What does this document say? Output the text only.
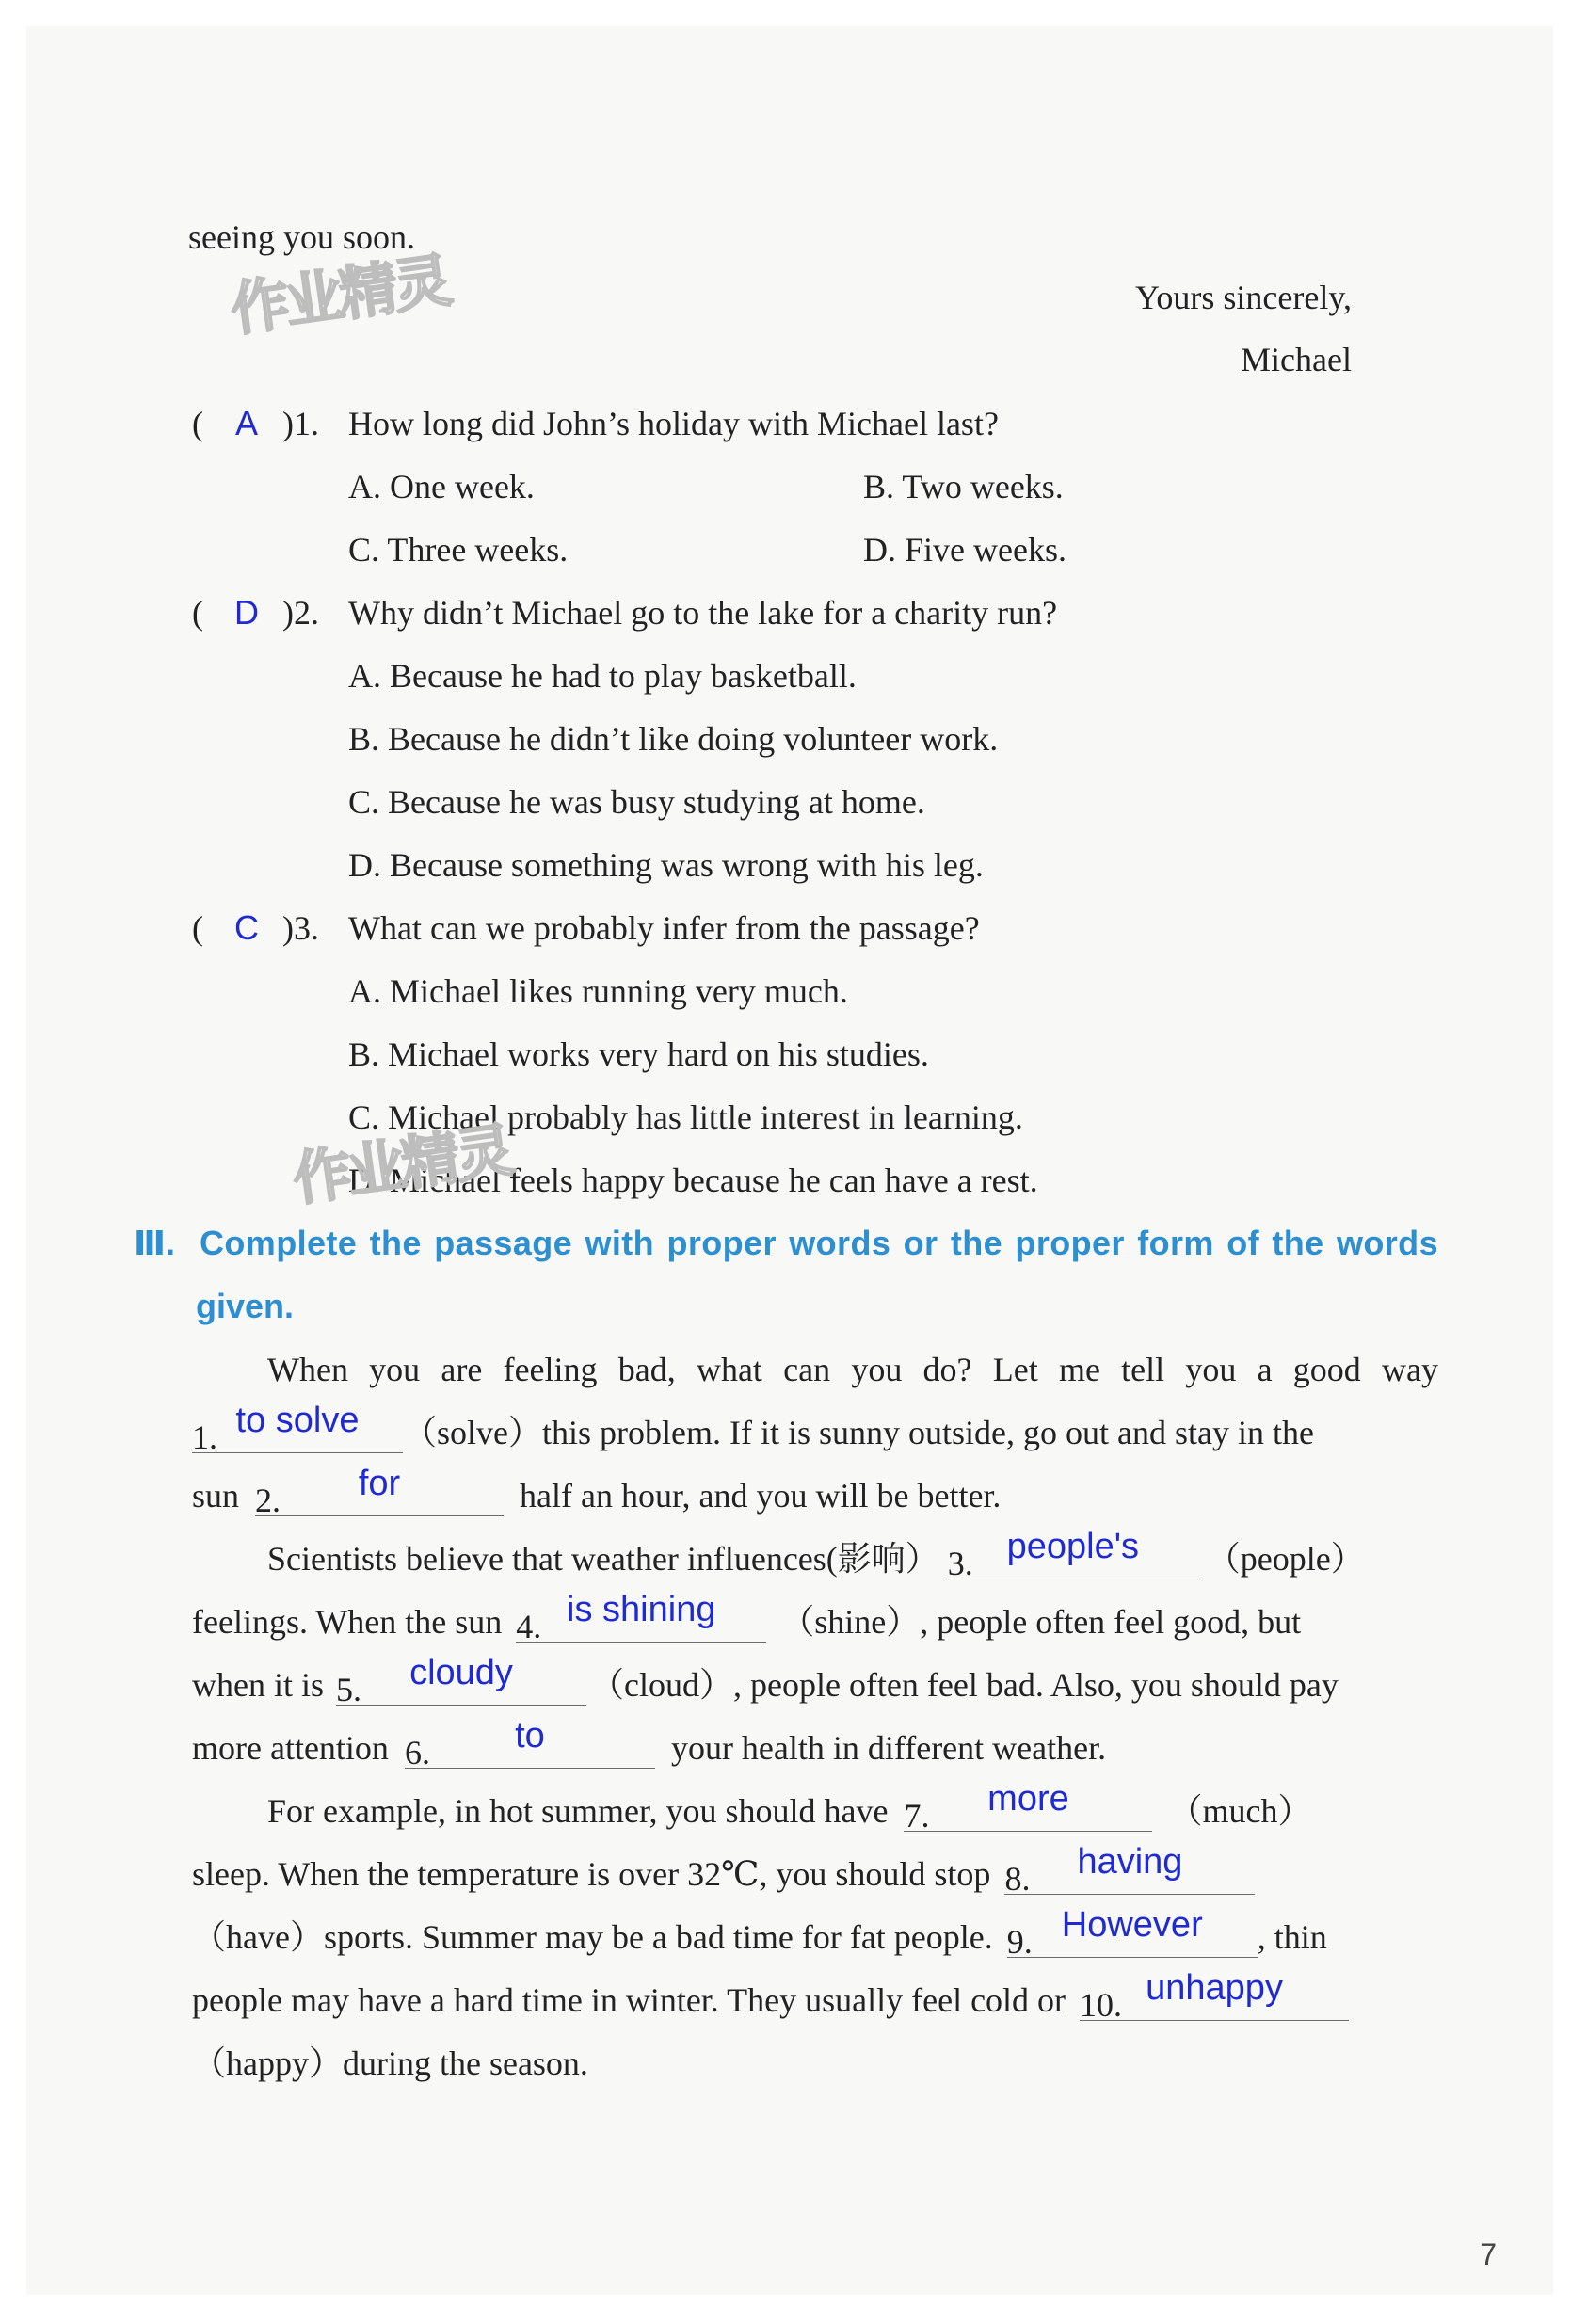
seeing you soon.
Yours sincerely,
Michael
( A )1. How long did John’s holiday with Michael last?
A. One week.	B. Two weeks.
C. Three weeks.	D. Five weeks.
( D )2. Why didn’t Michael go to the lake for a charity run?
A. Because he had to play basketball.
B. Because he didn’t like doing volunteer work.
C. Because he was busy studying at home.
D. Because something was wrong with his leg.
( C )3. What can we probably infer from the passage?
A. Michael likes running very much.
B. Michael works very hard on his studies.
C. Michael probably has little interest in learning.
D. Michael feels happy because he can have a rest.
Ⅲ. Complete the passage with proper words or the proper form of the words
given.
When you are feeling bad, what can you do? Let me tell you a good way
1. to solve	（solve）this problem. If it is sunny outside, go out and stay in the
sun 2.	for	half an hour, and you will be better.
Scientists believe that weather influences(影响） 3. people's	（people）
feelings. When the sun 4. is shining	（shine）, people often feel good, but
when it is 5.	cloudy	（cloud）, people often feel bad. Also, you should pay
more attention 6.	to	your health in different weather.
For example, in hot summer, you should have 7.	more	（much）
sleep. When the temperature is over 32℃, you should stop 8.	having
（have）sports. Summer may be a bad time for fat people. 9. However	, thin
people may have a hard time in winter. They usually feel cold or 10. unhappy
（happy）during the season.
作业精灵
作业精灵
7
